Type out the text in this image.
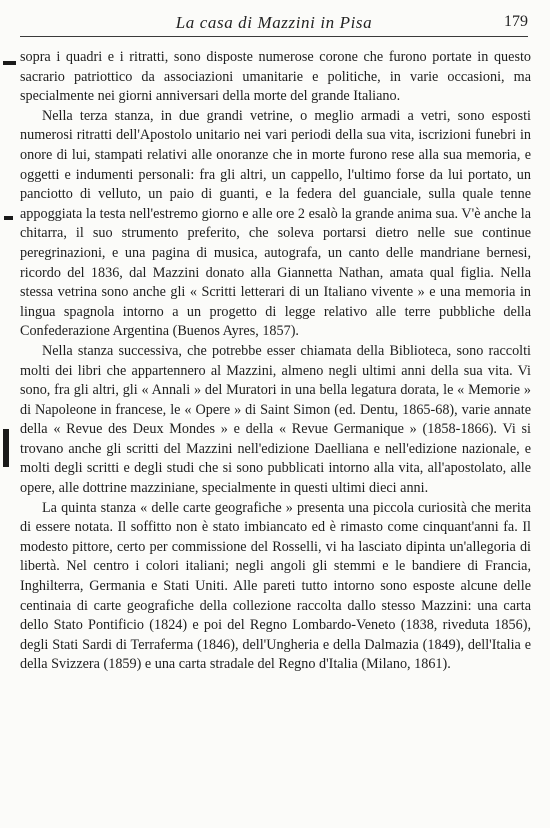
La casa di Mazzini in Pisa	179

sopra i quadri e i ritratti, sono disposte numerose corone che furono portate in questo sacrario patriottico da associazioni umanitarie e politiche, in varie occasioni, ma specialmente nei giorni anniversari della morte del grande Italiano.

Nella terza stanza, in due grandi vetrine, o meglio armadi a vetri, sono esposti numerosi ritratti dell'Apostolo unitario nei vari periodi della sua vita, iscrizioni funebri in onore di lui, stampati relativi alle onoranze che in morte furono rese alla sua memoria, e oggetti e indumenti personali: fra gli altri, un cappello, l'ultimo forse da lui portato, un panciotto di velluto, un paio di guanti, e la federa del guanciale, sulla quale tenne appoggiata la testa nell'estremo giorno e alle ore 2 esalò la grande anima sua. V'è anche la chitarra, il suo strumento preferito, che soleva portarsi dietro nelle sue continue peregrinazioni, e una pagina di musica, autografa, un canto delle mandriane bernesi, ricordo del 1836, dal Mazzini donato alla Giannetta Nathan, amata qual figlia. Nella stessa vetrina sono anche gli « Scritti letterari di un Italiano vivente » e una memoria in lingua spagnola intorno a un progetto di legge relativo alle terre pubbliche della Confederazione Argentina (Buenos Ayres, 1857).

Nella stanza successiva, che potrebbe esser chiamata della Biblioteca, sono raccolti molti dei libri che appartennero al Mazzini, almeno negli ultimi anni della sua vita. Vi sono, fra gli altri, gli « Annali » del Muratori in una bella legatura dorata, le « Memorie » di Napoleone in francese, le « Opere » di Saint Simon (ed. Dentu, 1865-68), varie annate della « Revue des Deux Mondes » e della « Revue Germanique » (1858-1866). Vi si trovano anche gli scritti del Mazzini nell'edizione Daelliana e nell'edizione nazionale, e molti degli scritti e degli studi che si sono pubblicati intorno alla vita, all'apostolato, alle opere, alle dottrine mazziniane, specialmente in questi ultimi dieci anni.

La quinta stanza « delle carte geografiche » presenta una piccola curiosità che merita di essere notata. Il soffitto non è stato imbiancato ed è rimasto come cinquant'anni fa. Il modesto pittore, certo per commissione del Rosselli, vi ha lasciato dipinta un'allegoria di libertà. Nel centro i colori italiani; negli angoli gli stemmi e le bandiere di Francia, Inghilterra, Germania e Stati Uniti. Alle pareti tutto intorno sono esposte alcune delle centinaia di carte geografiche della collezione raccolta dallo stesso Mazzini: una carta dello Stato Pontificio (1824) e poi del Regno Lombardo-Veneto (1838, riveduta 1856), degli Stati Sardi di Terraferma (1846), dell'Ungheria e della Dalmazia (1849), dell'Italia e della Svizzera (1859) e una carta stradale del Regno d'Italia (Milano, 1861).
